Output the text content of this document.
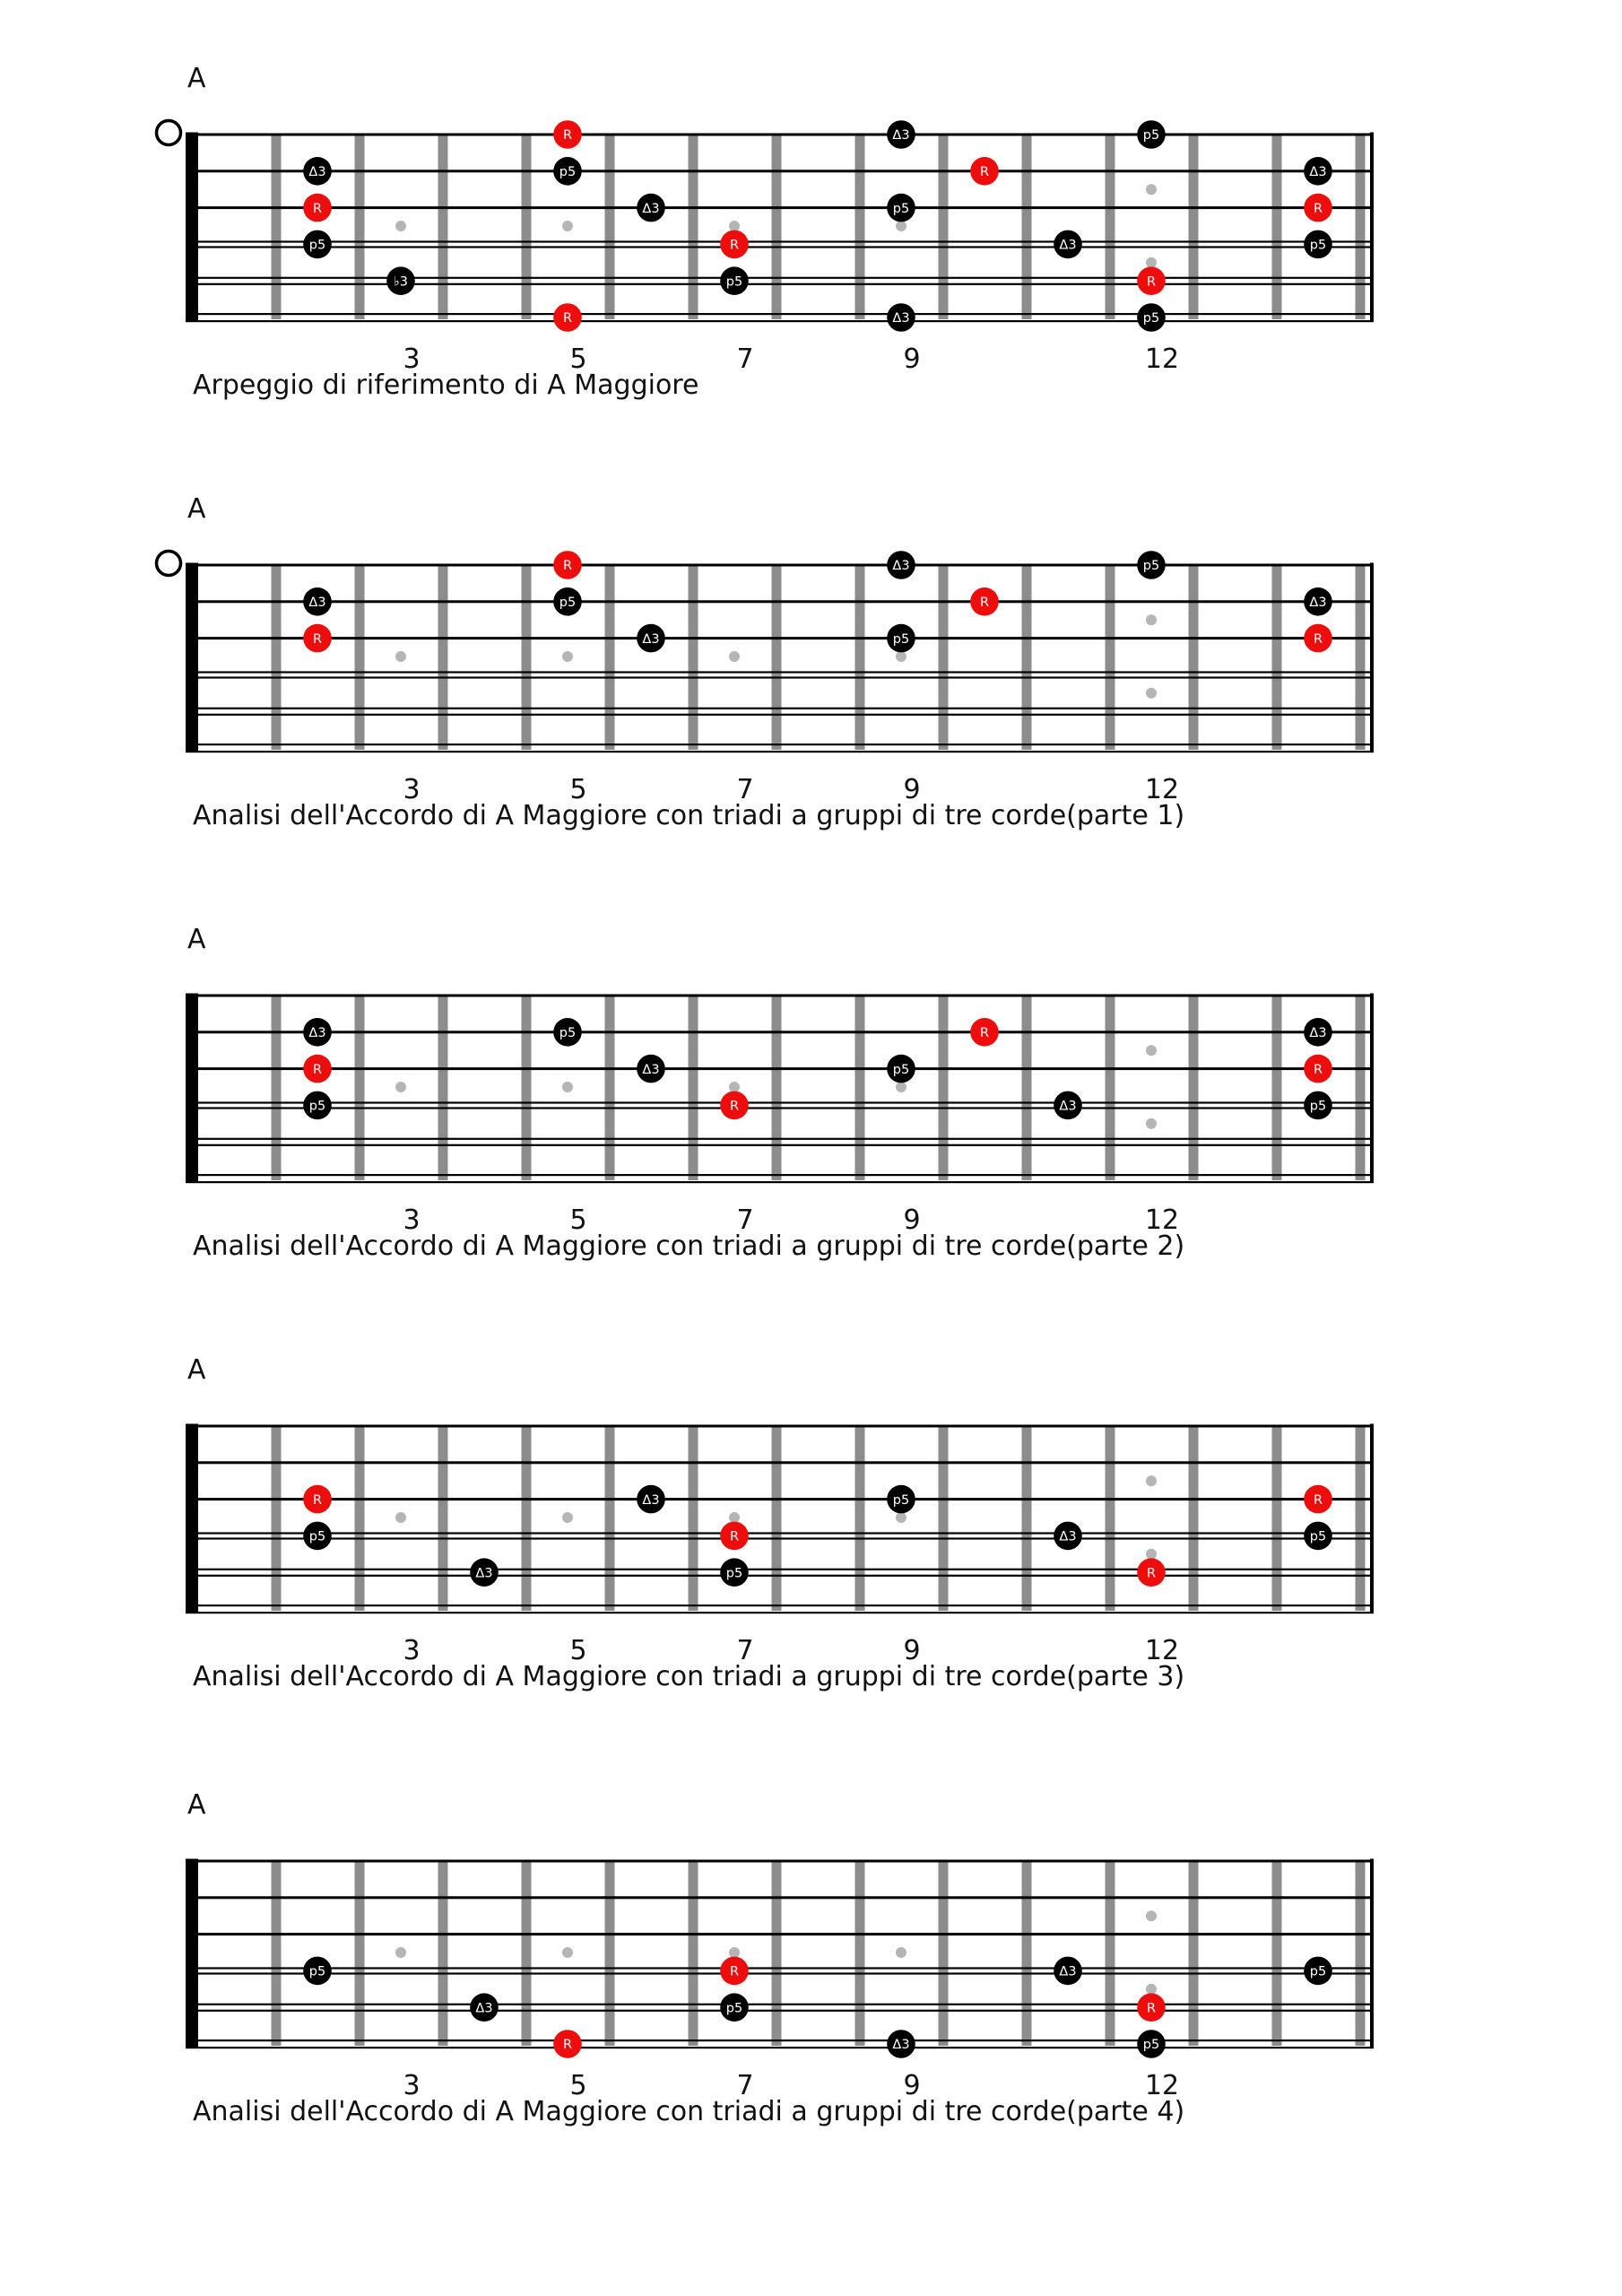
A
R	Δ3	p5
Δ3	p5	R	Δ3
R	Δ3	p5	R
p5	R	Δ3	p5
♭3	p5	R
R	Δ3	p5
3	5	7	9	12
Arpeggio di riferimento di A Maggiore
A
R	Δ3	p5
Δ3	p5	R	Δ3
R	Δ3	p5	R
3	5	7	9	12
Analisi dell'Accordo di A Maggiore con triadi a gruppi di tre corde(parte 1)
A
Δ3	p5	R	Δ3
R	Δ3	p5	R
p5	R	Δ3	p5
3	5	7	9	12
Analisi dell'Accordo di A Maggiore con triadi a gruppi di tre corde(parte 2)
A
R	Δ3	p5	R
p5	R	Δ3	p5
Δ3	p5	R
3	5	7	9	12
Analisi dell'Accordo di A Maggiore con triadi a gruppi di tre corde(parte 3)
A
p5	R	Δ3	p5
Δ3	p5	R
R	Δ3	p5
3	5	7	9	12
Analisi dell'Accordo di A Maggiore con triadi a gruppi di tre corde(parte 4)
